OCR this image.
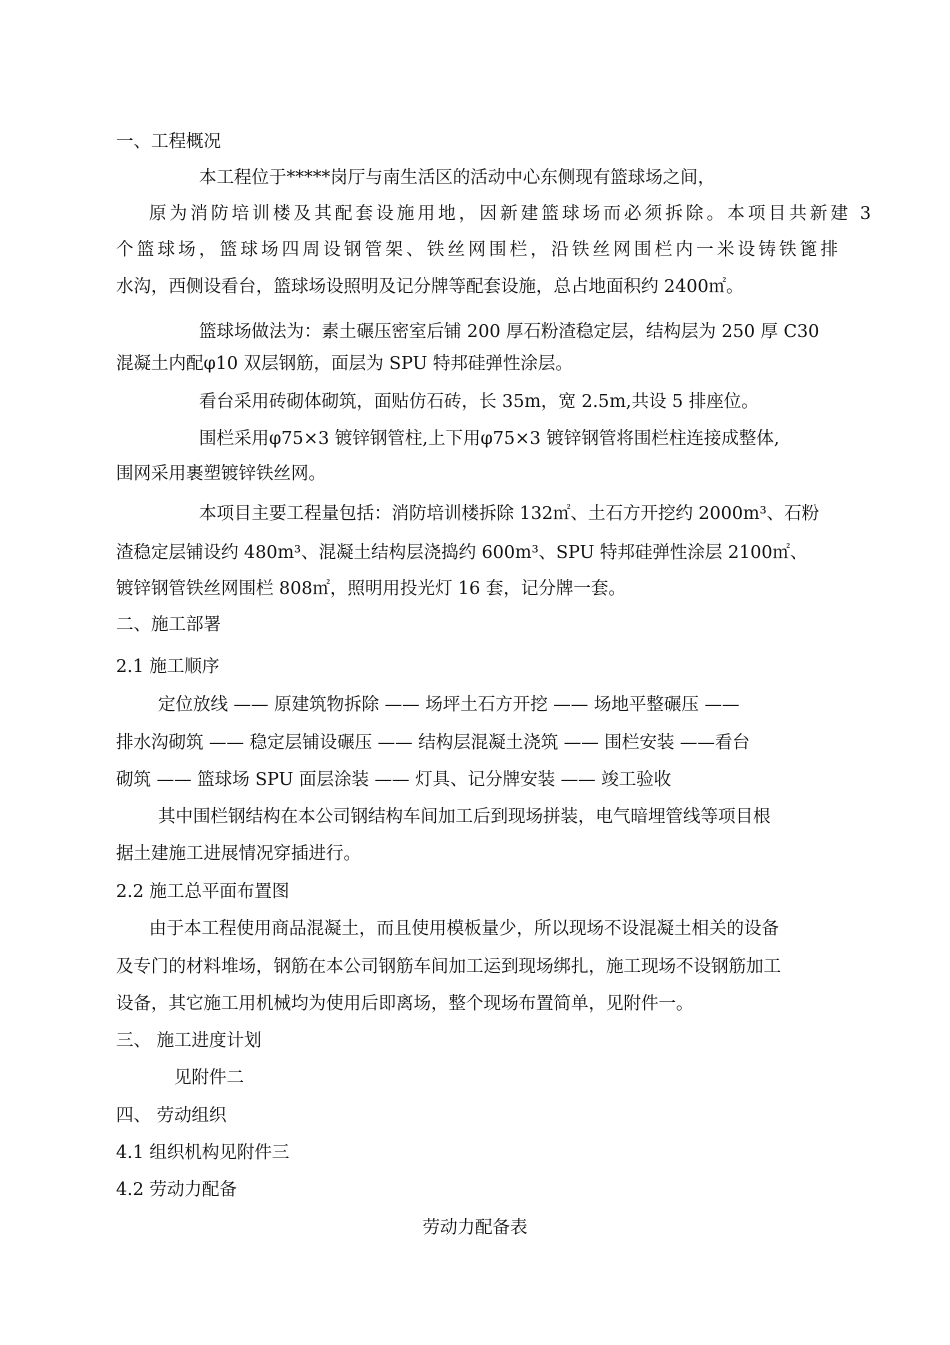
一、工程概况
本工程位于*****岗厅与南生活区的活动中心东侧现有篮球场之间，
原为消防培训楼及其配套设施用地，因新建篮球场而必须拆除。本项目共新建 3
个篮球场，篮球场四周设钢管架、铁丝网围栏，沿铁丝网围栏内一米设铸铁篦排
水沟，西侧设看台，篮球场设照明及记分牌等配套设施，总占地面积约 2400㎡。
篮球场做法为：素土碾压密室后铺 200 厚石粉渣稳定层，结构层为 250 厚 C30
混凝土内配φ10 双层钢筋，面层为 SPU 特邦硅弹性涂层。
看台采用砖砌体砌筑，面贴仿石砖，长 35m，宽 2.5m,共设 5 排座位。
围栏采用φ75×3 镀锌钢管柱,上下用φ75×3 镀锌钢管将围栏柱连接成整体,
围网采用裹塑镀锌铁丝网。
本项目主要工程量包括：消防培训楼拆除 132㎡、土石方开挖约 2000m³、石粉
渣稳定层铺设约 480m³、混凝土结构层浇捣约 600m³、SPU 特邦硅弹性涂层 2100㎡、
镀锌钢管铁丝网围栏 808㎡，照明用投光灯 16 套，记分牌一套。
二、施工部署
2.1 施工顺序
定位放线 —— 原建筑物拆除 —— 场坪土石方开挖 —— 场地平整碾压 ——
排水沟砌筑 —— 稳定层铺设碾压 —— 结构层混凝土浇筑 —— 围栏安装 ——看台
砌筑 —— 篮球场 SPU 面层涂装 —— 灯具、记分牌安装 —— 竣工验收
其中围栏钢结构在本公司钢结构车间加工后到现场拼装，电气暗埋管线等项目根
据土建施工进展情况穿插进行。
2.2 施工总平面布置图
由于本工程使用商品混凝土，而且使用模板量少，所以现场不设混凝土相关的设备
及专门的材料堆场，钢筋在本公司钢筋车间加工运到现场绑扎，施工现场不设钢筋加工
设备，其它施工用机械均为使用后即离场，整个现场布置简单，见附件一。
三、 施工进度计划
见附件二
四、 劳动组织
4.1 组织机构见附件三
4.2 劳动力配备
劳动力配备表
